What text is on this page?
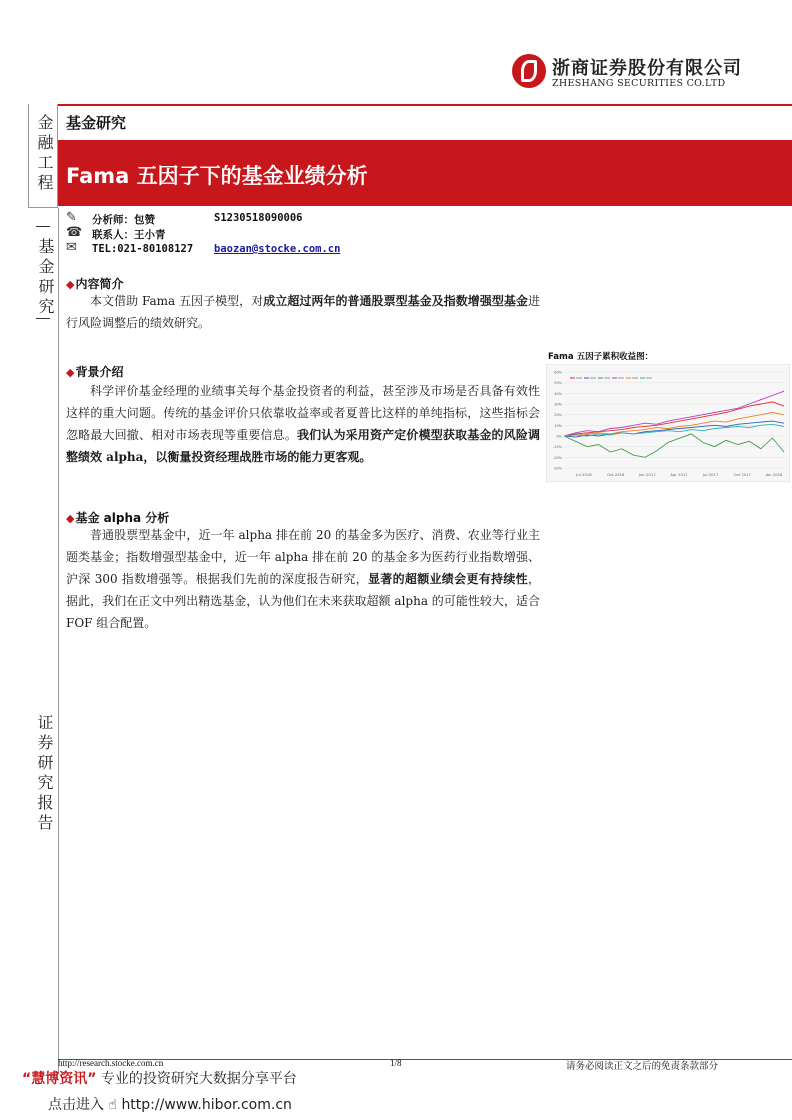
浙商证券股份有限公司
ZHESHANG SECURITIES CO.LTD
金融工程
基金研究
证券研究报告
基金研究
Fama 五因子下的基金业绩分析
✎ 分析师：包赞	S1230518090006
☎ 联系人：王小青
✉ TEL:021-80108127 baozan@stocke.com.cn
◆内容简介
本文借助 Fama 五因子模型，对成立超过两年的普通股票型基金及指数增强型基金进行风险调整后的绩效研究。
◆背景介绍
科学评价基金经理的业绩事关每个基金投资者的利益，甚至涉及市场是否具备有效性这样的重大问题。传统的基金评价只依靠收益率或者夏普比这样的单纯指标，这些指标会忽略最大回撤、相对市场表现等重要信息。我们认为采用资产定价模型获取基金的风险调整绩效 alpha，以衡量投资经理战胜市场的能力更客观。
◆基金 alpha 分析
普通股票型基金中，近一年 alpha 排在前 20 的基金多为医疗、消费、农业等行业主题类基金；指数增强型基金中，近一年 alpha 排在前 20 的基金多为医药行业指数增强、沪深 300 指数增强等。根据我们先前的深度报告研究，显著的超额业绩会更有持续性，据此，我们在正文中列出精选基金，认为他们在未来获取超额 alpha 的可能性较大，适合 FOF 组合配置。
Fama 五因子累积收益图：
60%
50%
40%
30%
20%
10%
0%
-10%
-20%
-30%
Jul 2016	Oct 2016	Jan 2017	Apr 2017	Jul 2017	Oct 2017	Jan 2018
http://research.stocke.com.cn	1/8	请务必阅读正文之后的免责条款部分
“慧博资讯” 专业的投资研究大数据分享平台
点击进入 ☝ http://www.hibor.com.cn
